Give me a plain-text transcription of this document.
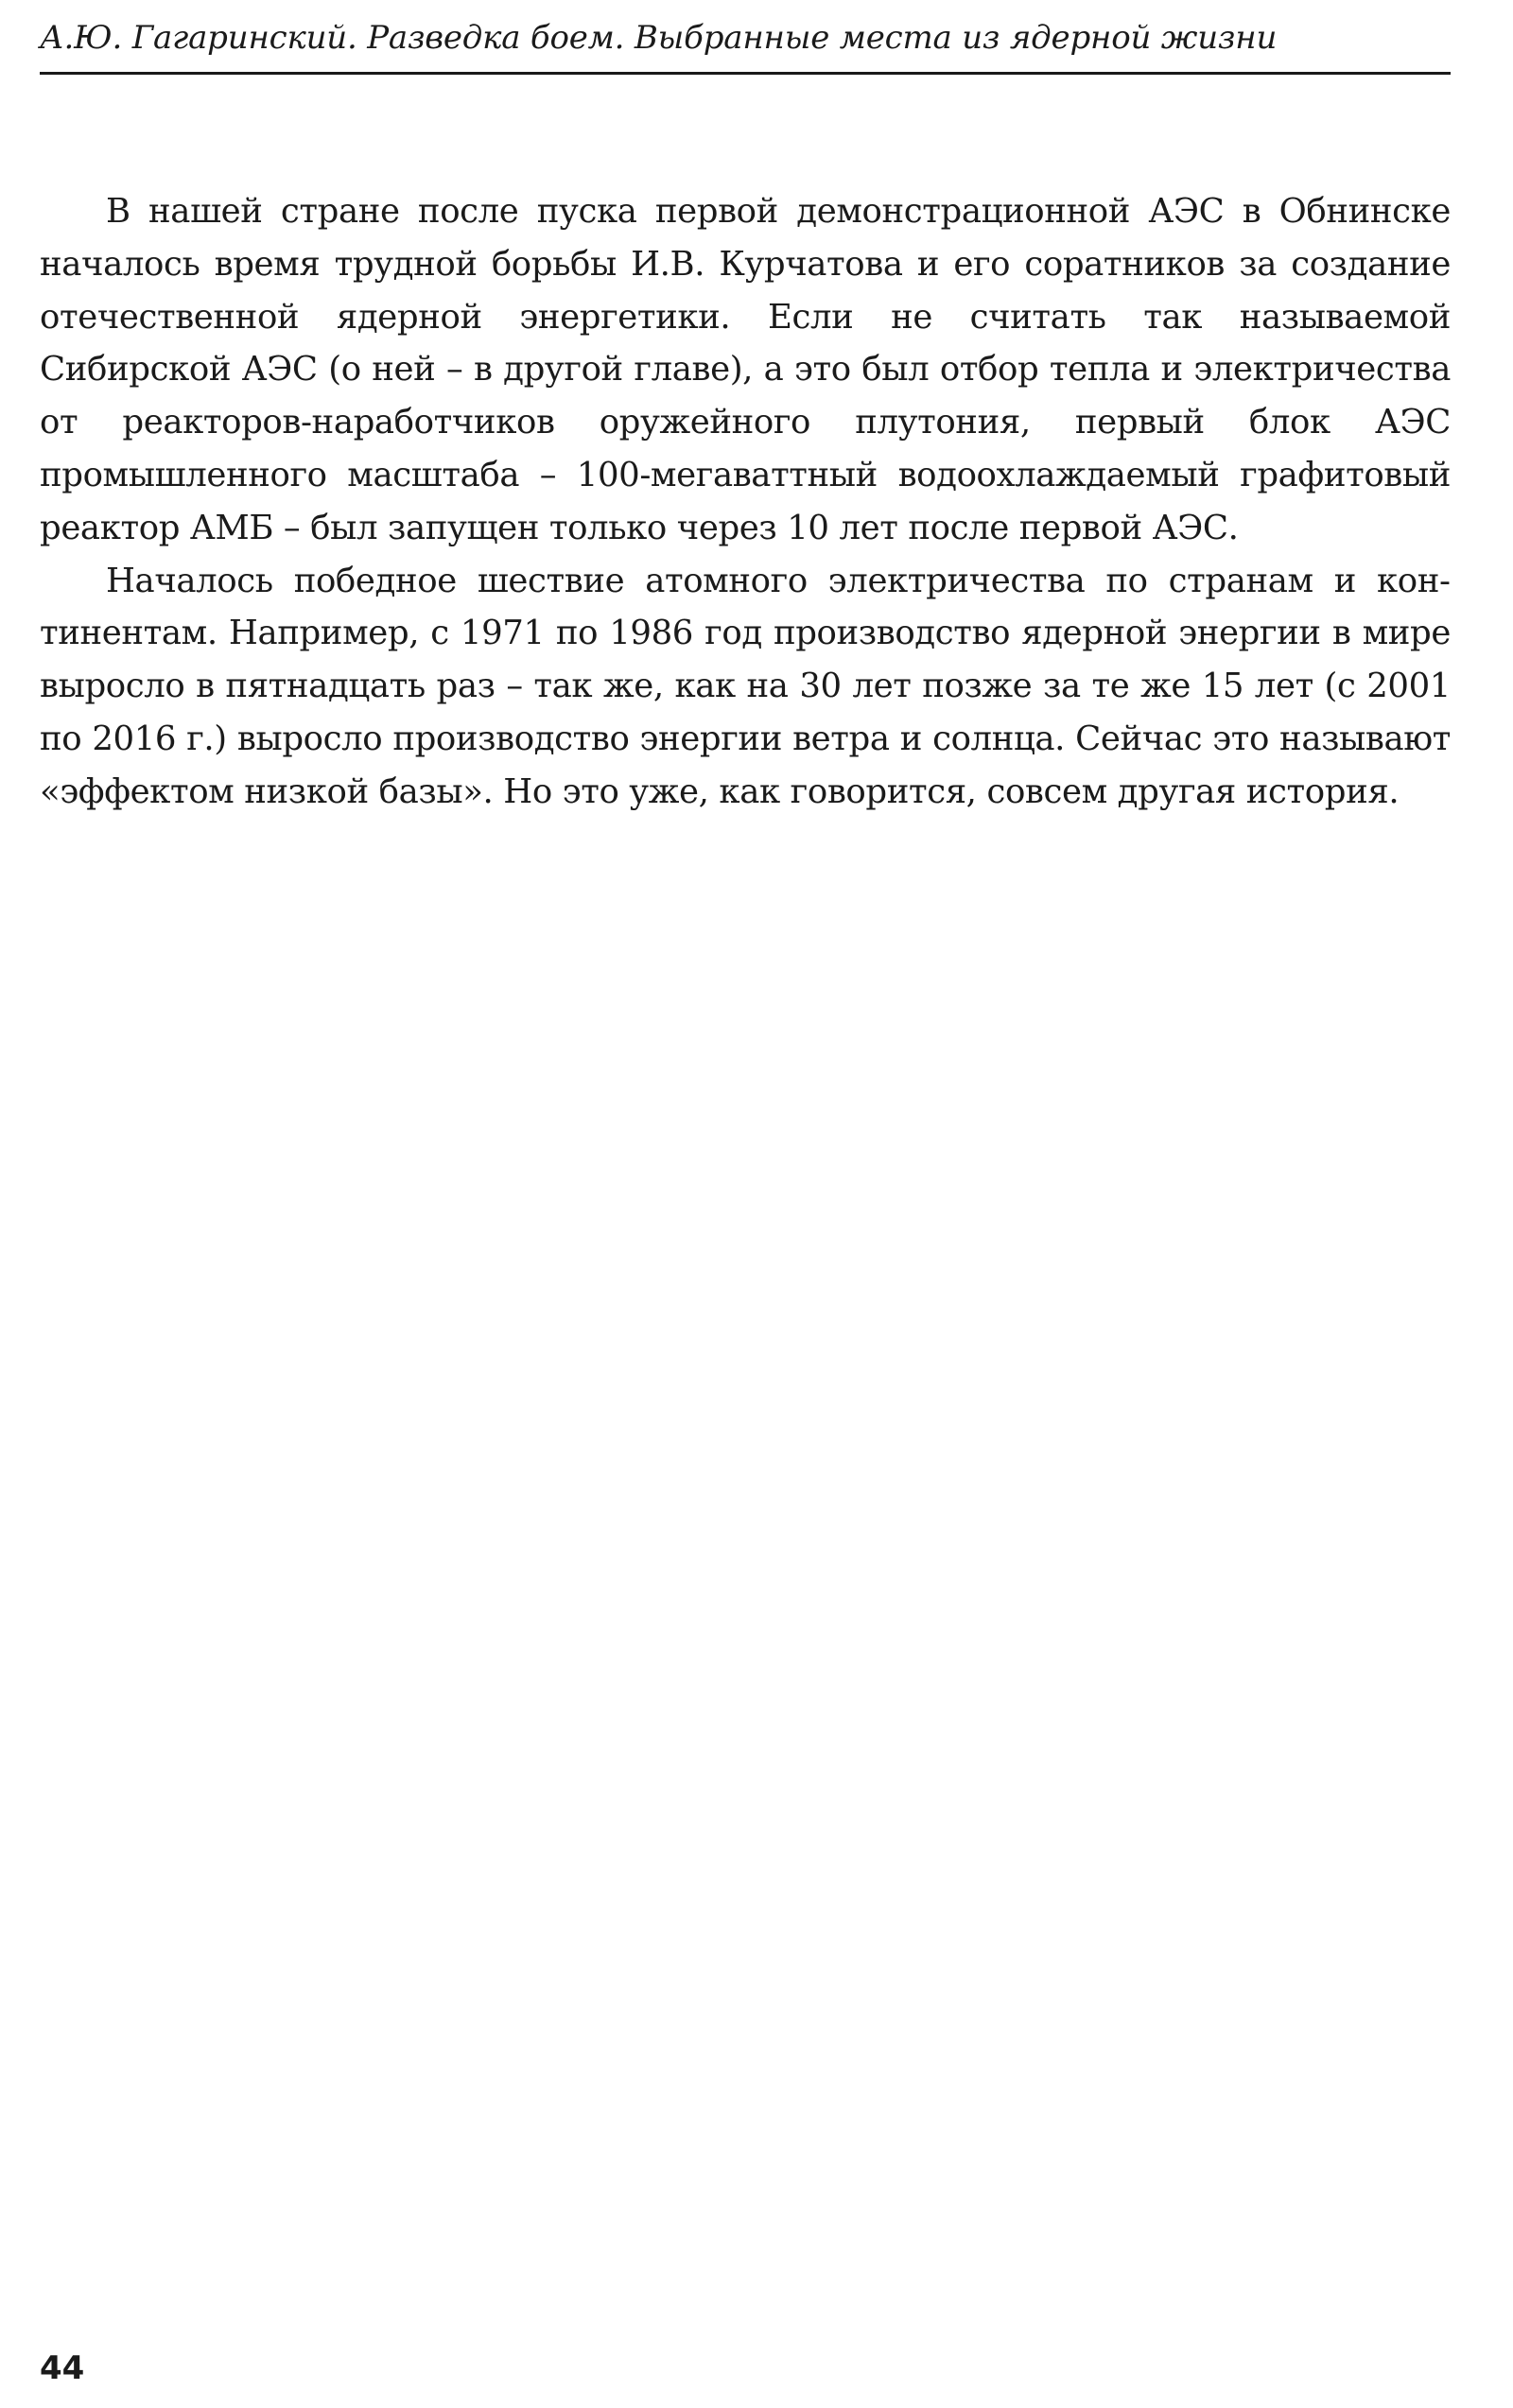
А.Ю. Гагаринский. Разведка боем. Выбранные места из ядерной жизни

В нашей стране после пуска первой демонстрационной АЭС в Обнинске началось время трудной борьбы И.В. Курчатова и его соратников за создание отечественной ядерной энергетики. Если не считать так называемой Сибирской АЭС (о ней – в другой главе), а это был отбор тепла и электричества от реакторов-наработчиков оружейного плутония, первый блок АЭС промышленного масштаба – 100-мегаваттный водоохлаждаемый графитовый реактор АМБ – был запущен только через 10 лет после первой АЭС.

Началось победное шествие атомного электричества по странам и континентам. Например, с 1971 по 1986 год производство ядерной энергии в мире выросло в пятнадцать раз – так же, как на 30 лет позже за те же 15 лет (с 2001 по 2016 г.) выросло производство энергии ветра и солнца. Сейчас это называют «эффектом низкой базы». Но это уже, как говорится, совсем другая история.

44
